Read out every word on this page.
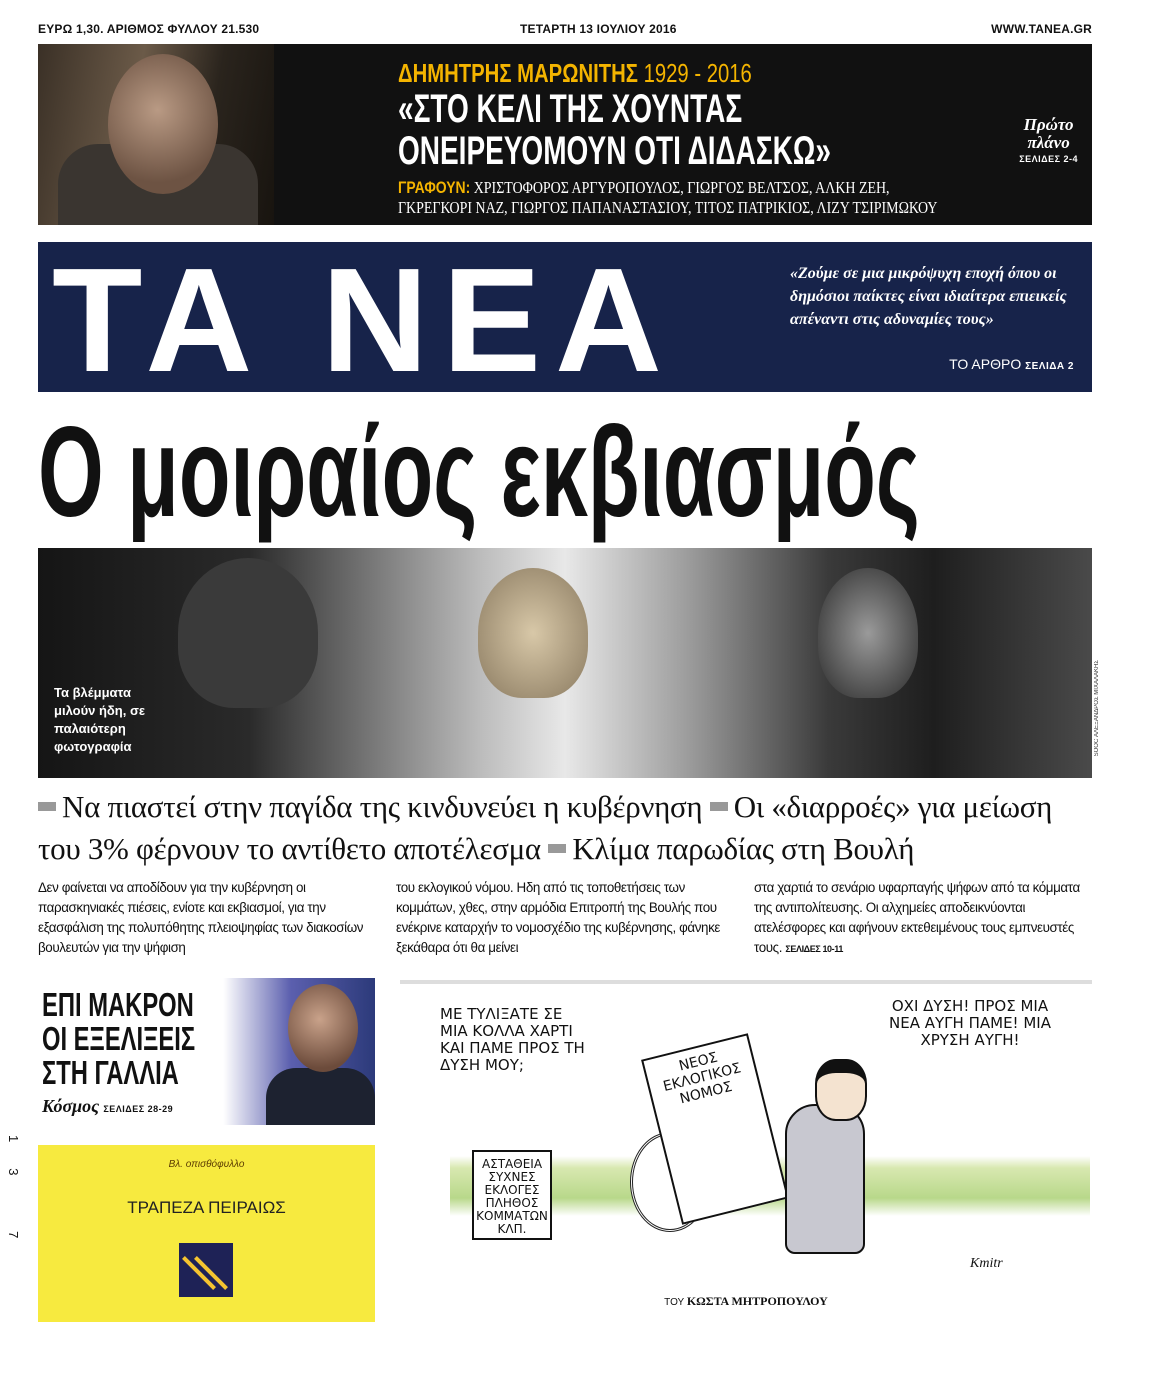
ΕΥΡΩ 1,30. ΑΡΙΘΜΟΣ ΦΥΛΛΟΥ 21.530	ΤΕΤΑΡΤΗ 13 ΙΟΥΛΙΟΥ 2016	WWW.TANEA.GR
ΔΗΜΗΤΡΗΣ ΜΑΡΩΝΙΤΗΣ 1929 - 2016
«ΣΤΟ ΚΕΛΙ ΤΗΣ ΧΟΥΝΤΑΣ
ΟΝΕΙΡΕΥΟΜΟΥΝ ΟΤΙ ΔΙΔΑΣΚΩ»
ΓΡΑΦΟΥΝ: ΧΡΙΣΤΟΦΟΡΟΣ ΑΡΓΥΡΟΠΟΥΛΟΣ, ΓΙΩΡΓΟΣ ΒΕΛΤΣΟΣ, ΑΛΚΗ ΖΕΗ,
ΓΚΡΕΓΚΟΡΙ ΝΑΖ, ΓΙΩΡΓΟΣ ΠΑΠΑΝΑΣΤΑΣΙΟΥ, ΤΙΤΟΣ ΠΑΤΡΙΚΙΟΣ, ΛΙΖΥ ΤΣΙΡΙΜΩΚΟΥ
Πρώτο
πλάνο
ΣΕΛΙΔΕΣ 2-4
ΤΑ ΝΕΑ	«Ζούμε σε μια μικρόψυχη εποχή όπου οι δημόσιοι παίκτες είναι ιδιαίτερα επιεικείς απέναντι στις αδυναμίες τους»
ΤΟ ΑΡΘΡΟ ΣΕΛΙΔΑ 2
Ο μοιραίος εκβιασμός
Τα βλέμματα μιλούν ήδη, σε παλαιότερη φωτογραφία	SOOC ΑΛΕΞΑΝΔΡΟΣ ΜΙΧΑΛΑΚΗΣ
Να πιαστεί στην παγίδα της κινδυνεύει η κυβέρνηση Οι «διαρροές» για μείωση του 3% φέρνουν το αντίθετο αποτέλεσμα Κλίμα παρωδίας στη Βουλή

Δεν φαίνεται να αποδίδουν για την κυβέρνηση οι παρασκηνιακές πιέσεις, ενίοτε και εκβιασμοί, για την εξασφάλιση της πολυπόθητης πλειοψηφίας των διακοσίων βουλευτών για την ψήφιση

του εκλογικού νόμου. Ηδη από τις τοποθετήσεις των κομμάτων, χθες, στην αρμόδια Επιτροπή της Βουλής που ενέκρινε καταρχήν το νομοσχέδιο της κυβέρνησης, φάνηκε ξεκάθαρα ότι θα μείνει

στα χαρτιά το σενάριο υφαρπαγής ψήφων από τα κόμματα της αντιπολίτευσης. Οι αλχημείες αποδεικνύονται ατελέσφορες και αφήνουν εκτεθειμένους τους εμπνευστές τους. ΣΕΛΙΔΕΣ 10-11

ΕΠΙ ΜΑΚΡΟΝ
ΟΙ ΕΞΕΛΙΞΕΙΣ
ΣΤΗ ΓΑΛΛΙΑ
Κόσμος ΣΕΛΙΔΕΣ 28-29
Βλ. οπισθόφυλλο
ΤΡΑΠΕΖΑ ΠΕΙΡΑΙΩΣ
ΜΕ ΤΥΛΙΞΑΤΕ ΣΕ ΜΙΑ ΚΟΛΛΑ ΧΑΡΤΙ ΚΑΙ ΠΑΜΕ ΠΡΟΣ ΤΗ ΔΥΣΗ ΜΟΥ;
ΑΣΤΑΘΕΙΑ ΣΥΧΝΕΣ ΕΚΛΟΓΕΣ ΠΛΗΘΟΣ ΚΟΜΜΑΤΩΝ ΚΛΠ.
ΝΕΟΣ ΕΚΛΟΓΙΚΟΣ ΝΟΜΟΣ
ΟΧΙ ΔΥΣΗ! ΠΡΟΣ ΜΙΑ ΝΕΑ ΑΥΓΗ ΠΑΜΕ! ΜΙΑ ΧΡΥΣΗ ΑΥΓΗ!
Kmitr
ΤΟΥ ΚΩΣΤΑ ΜΗΤΡΟΠΟΥΛΟΥ
13 7
